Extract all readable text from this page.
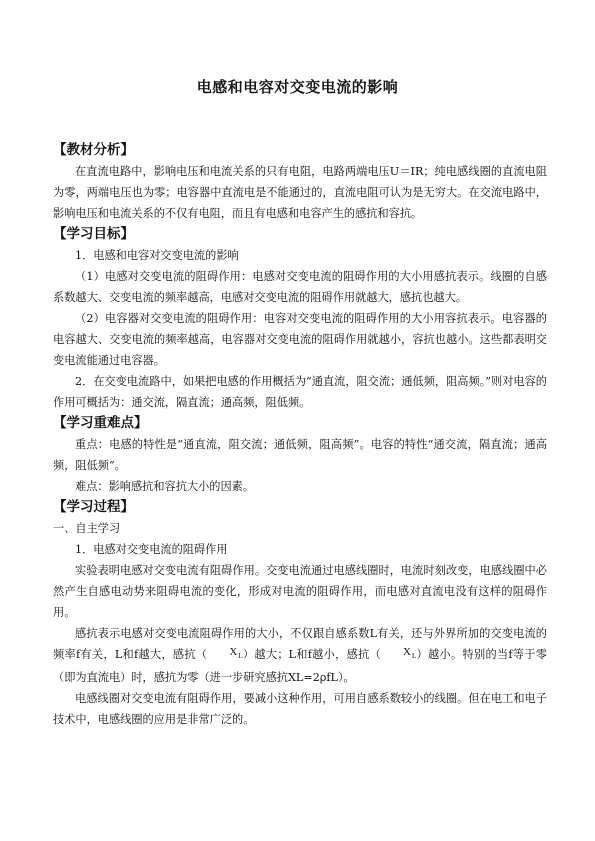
电感和电容对交变电流的影响

【教材分析】

在直流电路中，影响电压和电流关系的只有电阻，电路两端电压U＝IR；纯电感线圈的直流电阻为零，两端电压也为零；电容器中直流电是不能通过的，直流电阻可认为是无穷大。在交流电路中，影响电压和电流关系的不仅有电阻，而且有电感和电容产生的感抗和容抗。

【学习目标】

1．电感和电容对交变电流的影响

（1）电感对交变电流的阻碍作用：电感对交变电流的阻碍作用的大小用感抗表示。线圈的自感系数越大、交变电流的频率越高，电感对交变电流的阻碍作用就越大，感抗也越大。

（2）电容器对交变电流的阻碍作用：电容对交变电流的阻碍作用的大小用容抗表示。电容器的电容越大、交变电流的频率越高，电容器对交变电流的阻碍作用就越小，容抗也越小。这些都表明交变电流能通过电容器。

2．在交变电流路中，如果把电感的作用概括为“通直流，阻交流；通低频，阻高频。”则对电容的作用可概括为：通交流，隔直流；通高频，阻低频。

【学习重难点】

重点：电感的特性是“通直流，阻交流；通低频，阻高频”。电容的特性“通交流，隔直流；通高频，阻低频”。

难点：影响感抗和容抗大小的因素。

【学习过程】

一、自主学习

1．电感对交变电流的阻碍作用

实验表明电感对交变电流有阻碍作用。交变电流通过电感线圈时，电流时刻改变，电感线圈中必然产生自感电动势来阻碍电流的变化，形成对电流的阻碍作用，而电感对直流电没有这样的阻碍作用。

感抗表示电感对交变电流阻碍作用的大小，不仅跟自感系数L有关，还与外界所加的交变电流的频率f有关，L和f越大，感抗（ $X_L$）越大；L和f越小，感抗（ $X_L$）越小。特别的当f等于零（即为直流电）时，感抗为零（进一步研究感抗XL=2ρfL）。

电感线圈对交变电流有阻碍作用，要减小这种作用，可用自感系数较小的线圈。但在电工和电子技术中，电感线圈的应用是非常广泛的。
